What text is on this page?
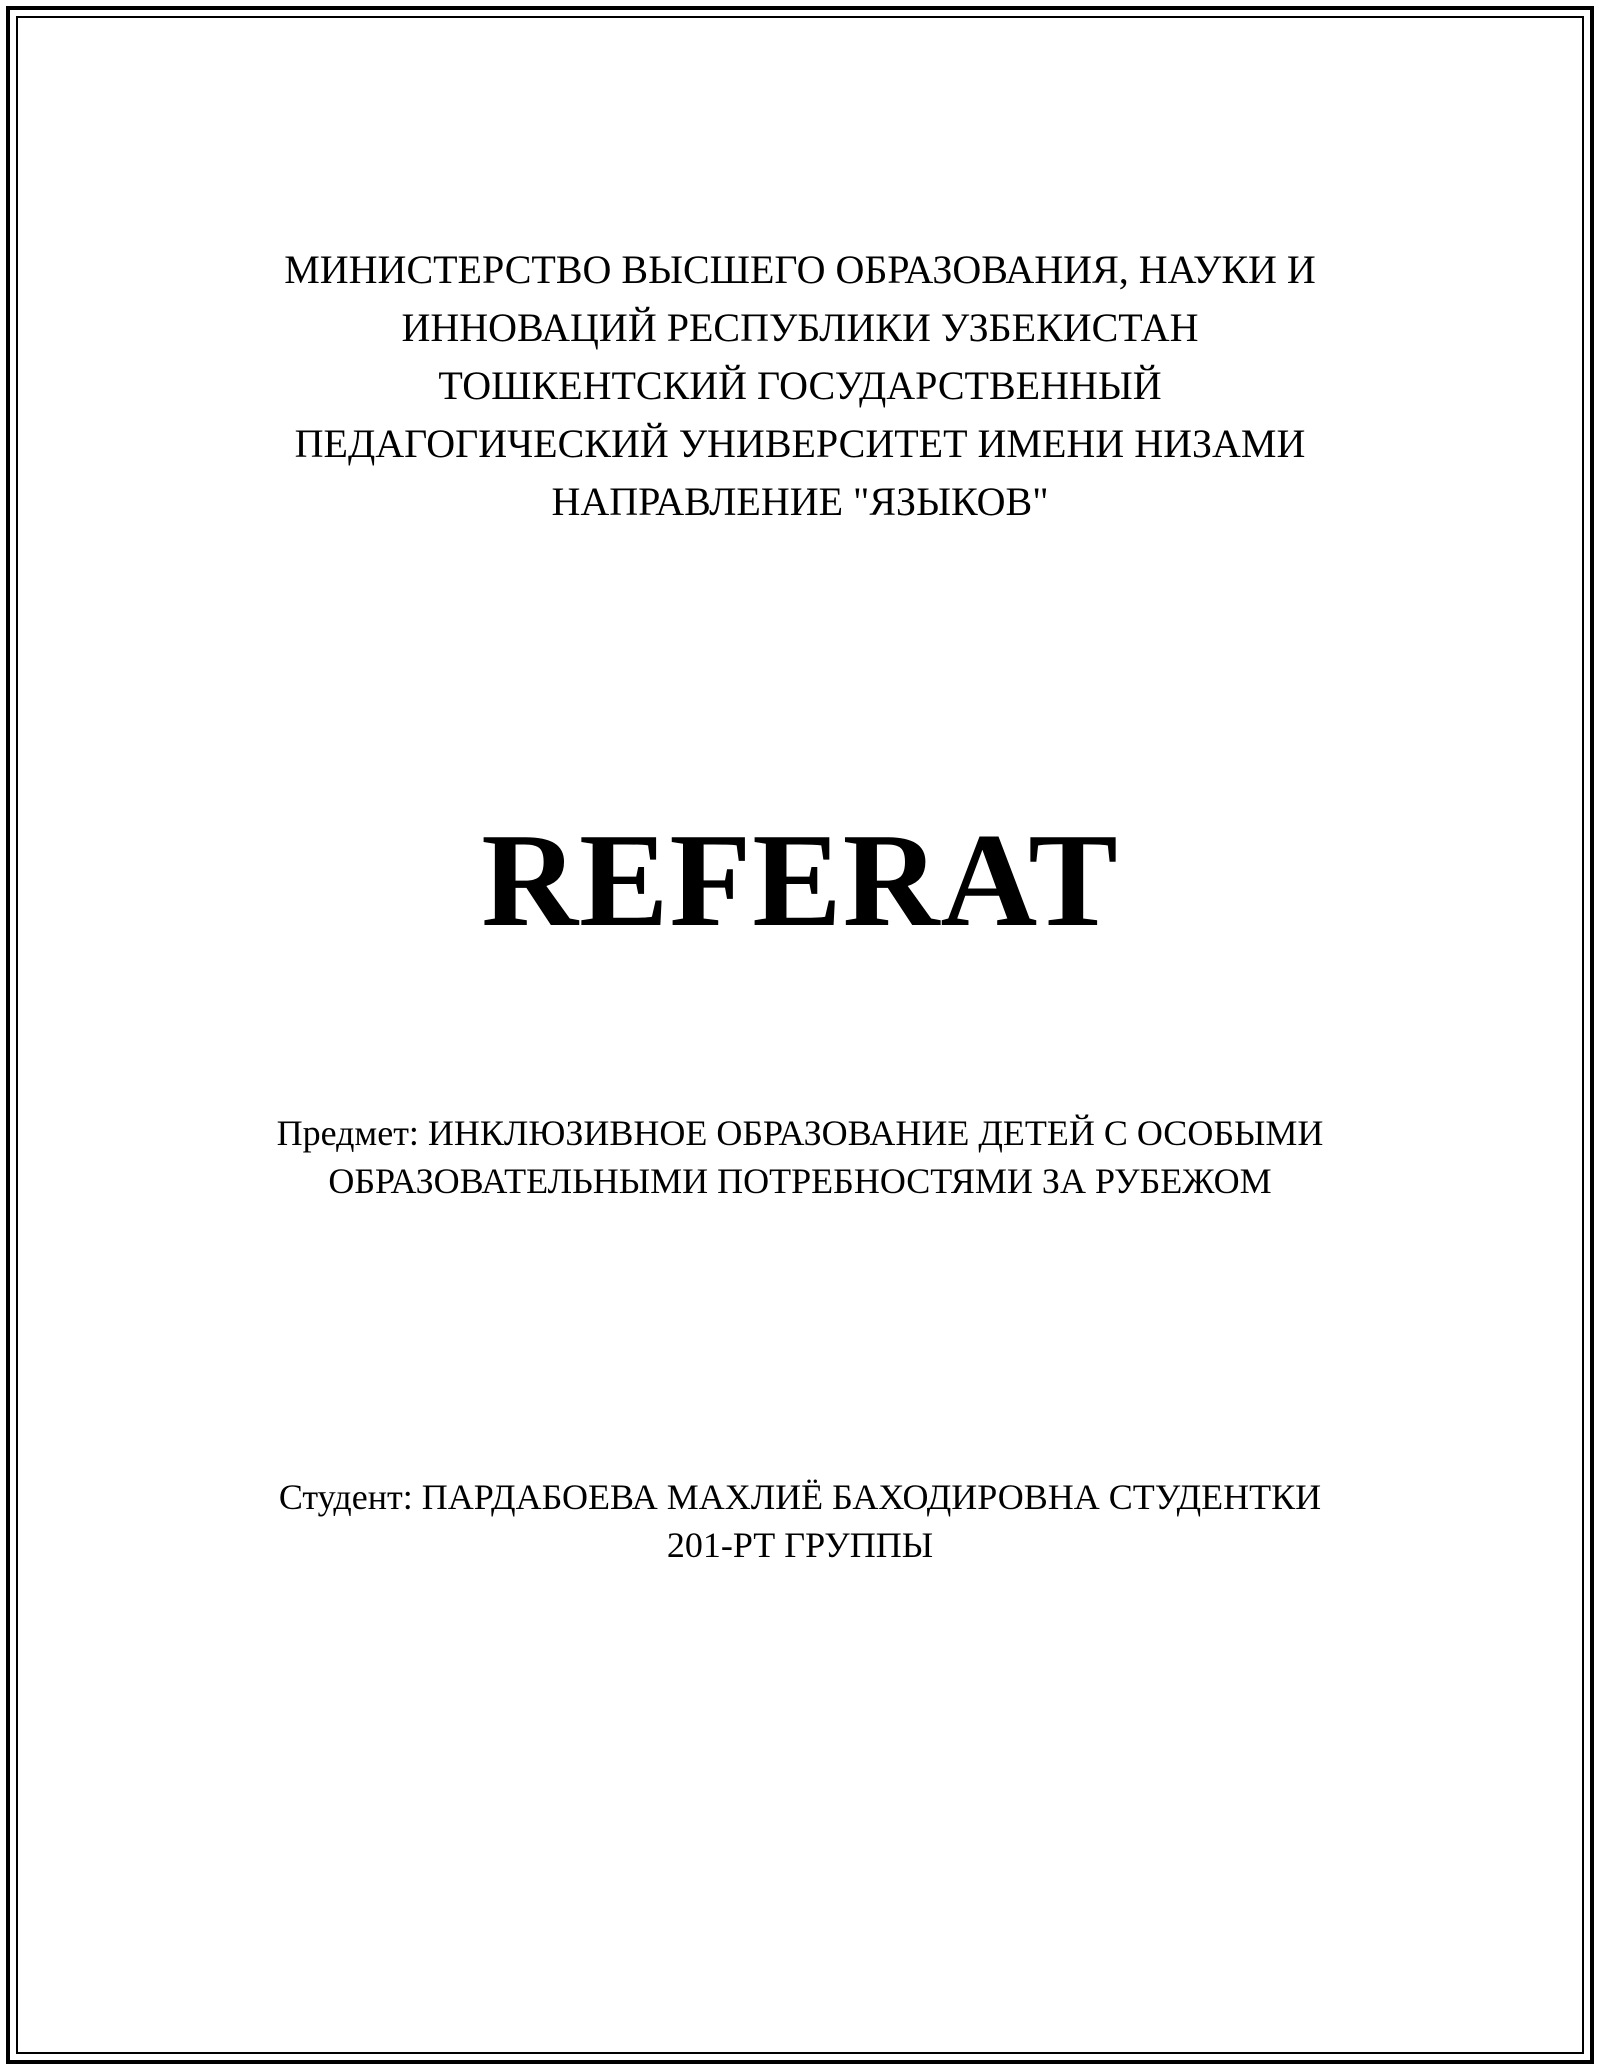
МИНИСТЕРСТВО ВЫСШЕГО ОБРАЗОВАНИЯ, НАУКИ И
ИННОВАЦИЙ РЕСПУБЛИКИ УЗБЕКИСТАН
ТОШКЕНТСКИЙ ГОСУДАРСТВЕННЫЙ
ПЕДАГОГИЧЕСКИЙ УНИВЕРСИТЕТ ИМЕНИ НИЗАМИ
НАПРАВЛЕНИЕ "ЯЗЫКОВ"
REFERAT
Предмет: ИНКЛЮЗИВНОЕ ОБРАЗОВАНИЕ ДЕТЕЙ С ОСОБЫМИ
ОБРАЗОВАТЕЛЬНЫМИ ПОТРЕБНОСТЯМИ ЗА РУБЕЖОМ
Студент: ПАРДАБОЕВА МАХЛИЁ БАХОДИРОВНА СТУДЕНТКИ
201-РТ ГРУППЫ
